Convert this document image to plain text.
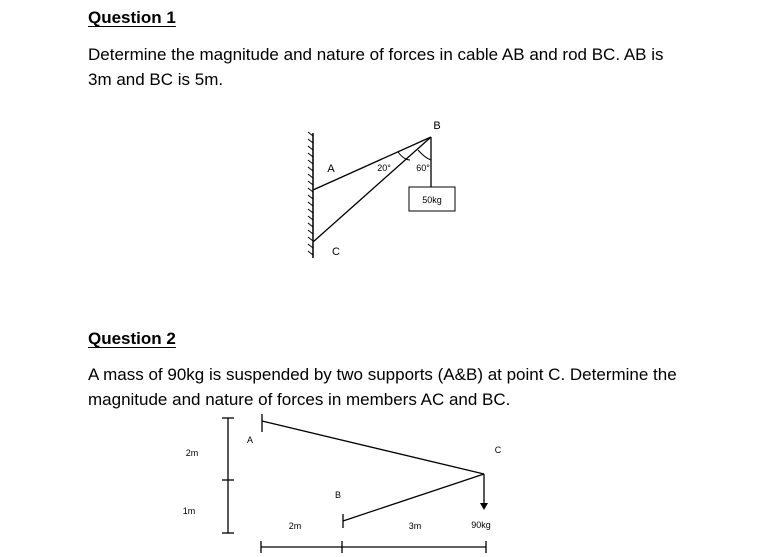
Question 1
Determine the magnitude and nature of forces in cable AB and rod BC. AB is
3m and BC is 5m.
Question 2
A mass of 90kg is suspended by two supports (A&B) at point C. Determine the
magnitude and nature of forces in members AC and BC.
50kg
B
A
C
20°	60°
2m
1m
A
B
C
90kg
2m	3m
